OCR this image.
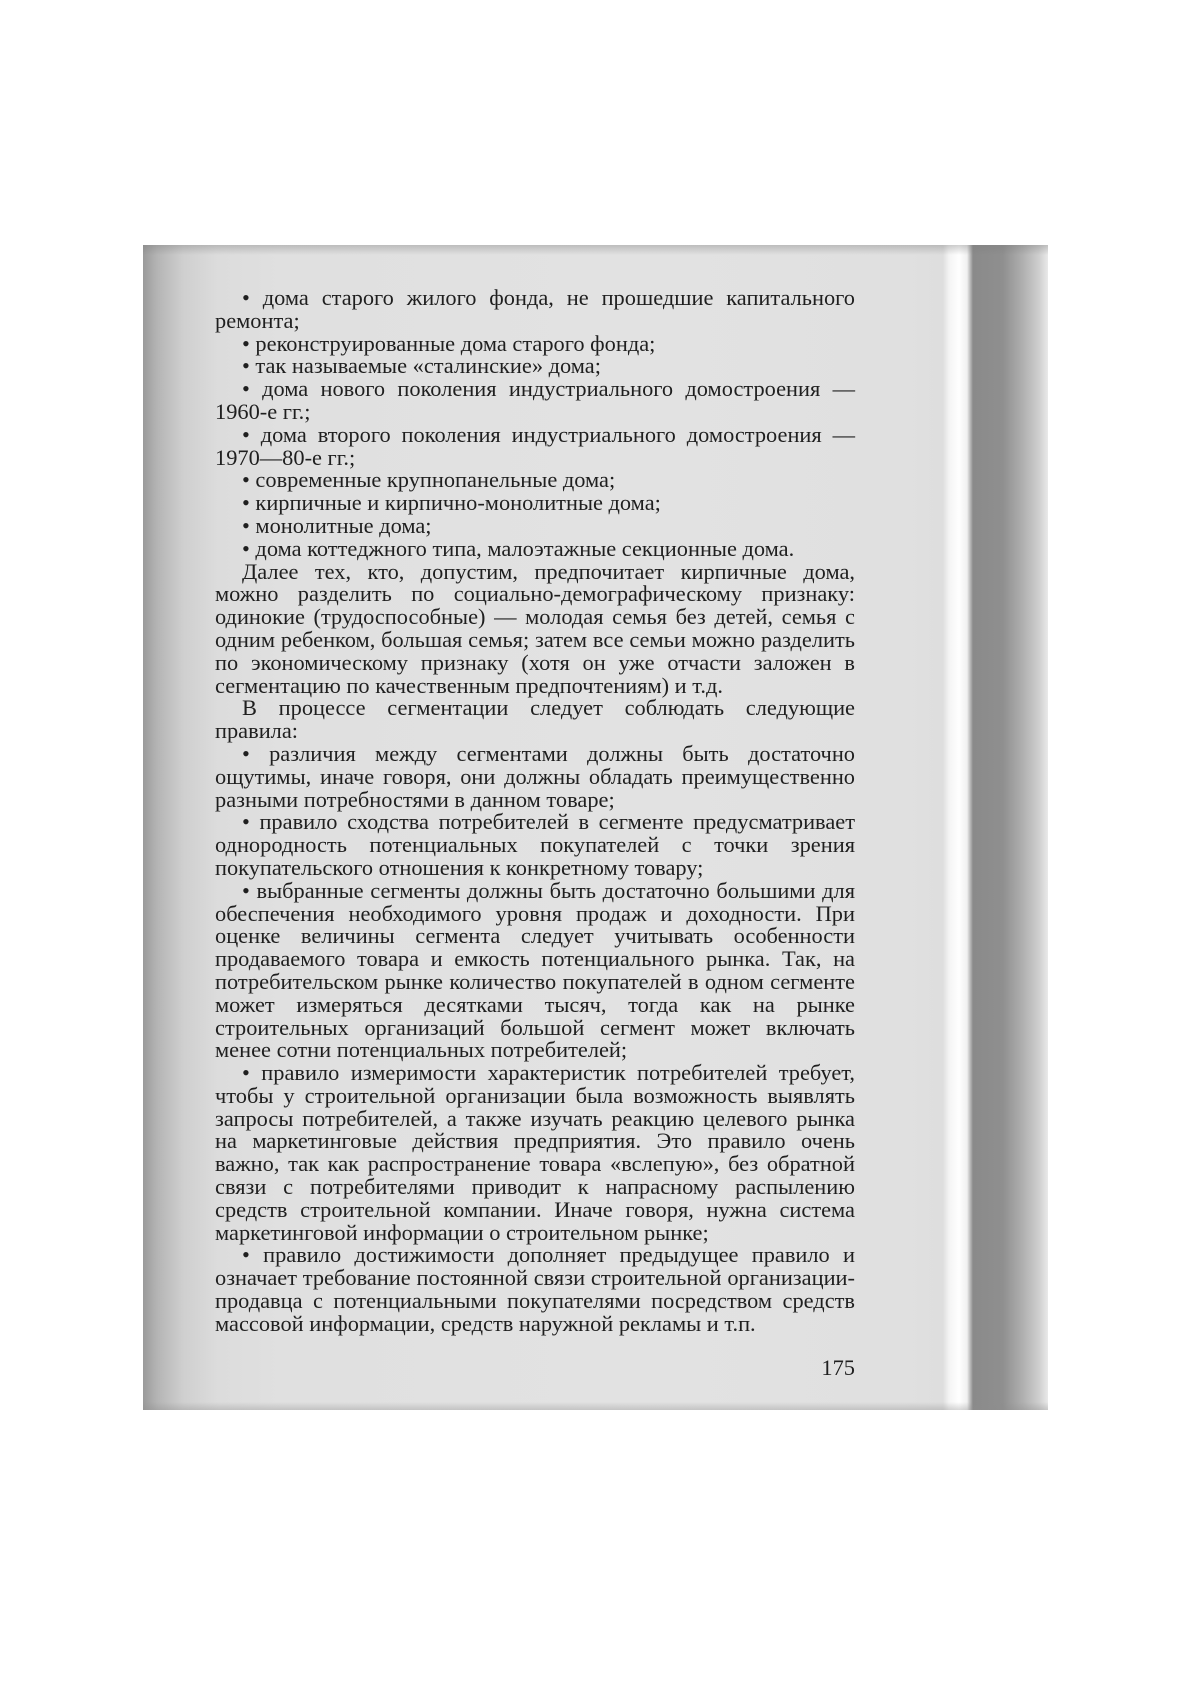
• дома старого жилого фонда, не прошедшие капитального ремонта;

• реконструированные дома старого фонда;

• так называемые «сталинские» дома;

• дома нового поколения индустриального домостроения — 1960-е гг.;

• дома второго поколения индустриального домостроения — 1970—80-е гг.;

• современные крупнопанельные дома;

• кирпичные и кирпично-монолитные дома;

• монолитные дома;

• дома коттеджного типа, малоэтажные секционные дома.

Далее тех, кто, допустим, предпочитает кирпичные дома, можно разделить по социально-демографическому признаку: одинокие (трудоспособные) — молодая семья без детей, семья с одним ребенком, большая семья; затем все семьи можно разделить по экономическому признаку (хотя он уже отчасти заложен в сегментацию по качественным предпочтениям) и т.д.

В процессе сегментации следует соблюдать следующие правила:

• различия между сегментами должны быть достаточно ощутимы, иначе говоря, они должны обладать преимущественно разными потребностями в данном товаре;

• правило сходства потребителей в сегменте предусматривает однородность потенциальных покупателей с точки зрения покупательского отношения к конкретному товару;

• выбранные сегменты должны быть достаточно большими для обеспечения необходимого уровня продаж и доходности. При оценке величины сегмента следует учитывать особенности продаваемого товара и емкость потенциального рынка. Так, на потребительском рынке количество покупателей в одном сегменте может измеряться десятками тысяч, тогда как на рынке строительных организаций большой сегмент может включать менее сотни потенциальных потребителей;

• правило измеримости характеристик потребителей требует, чтобы у строительной организации была возможность выявлять запросы потребителей, а также изучать реакцию целевого рынка на маркетинговые действия предприятия. Это правило очень важно, так как распространение товара «вслепую», без обратной связи с потребителями приводит к напрасному распылению средств строительной компании. Иначе говоря, нужна система маркетинговой информации о строительном рынке;

• правило достижимости дополняет предыдущее правило и означает требование постоянной связи строительной организации-продавца с потенциальными покупателями посредством средств массовой информации, средств наружной рекламы и т.п.

175
